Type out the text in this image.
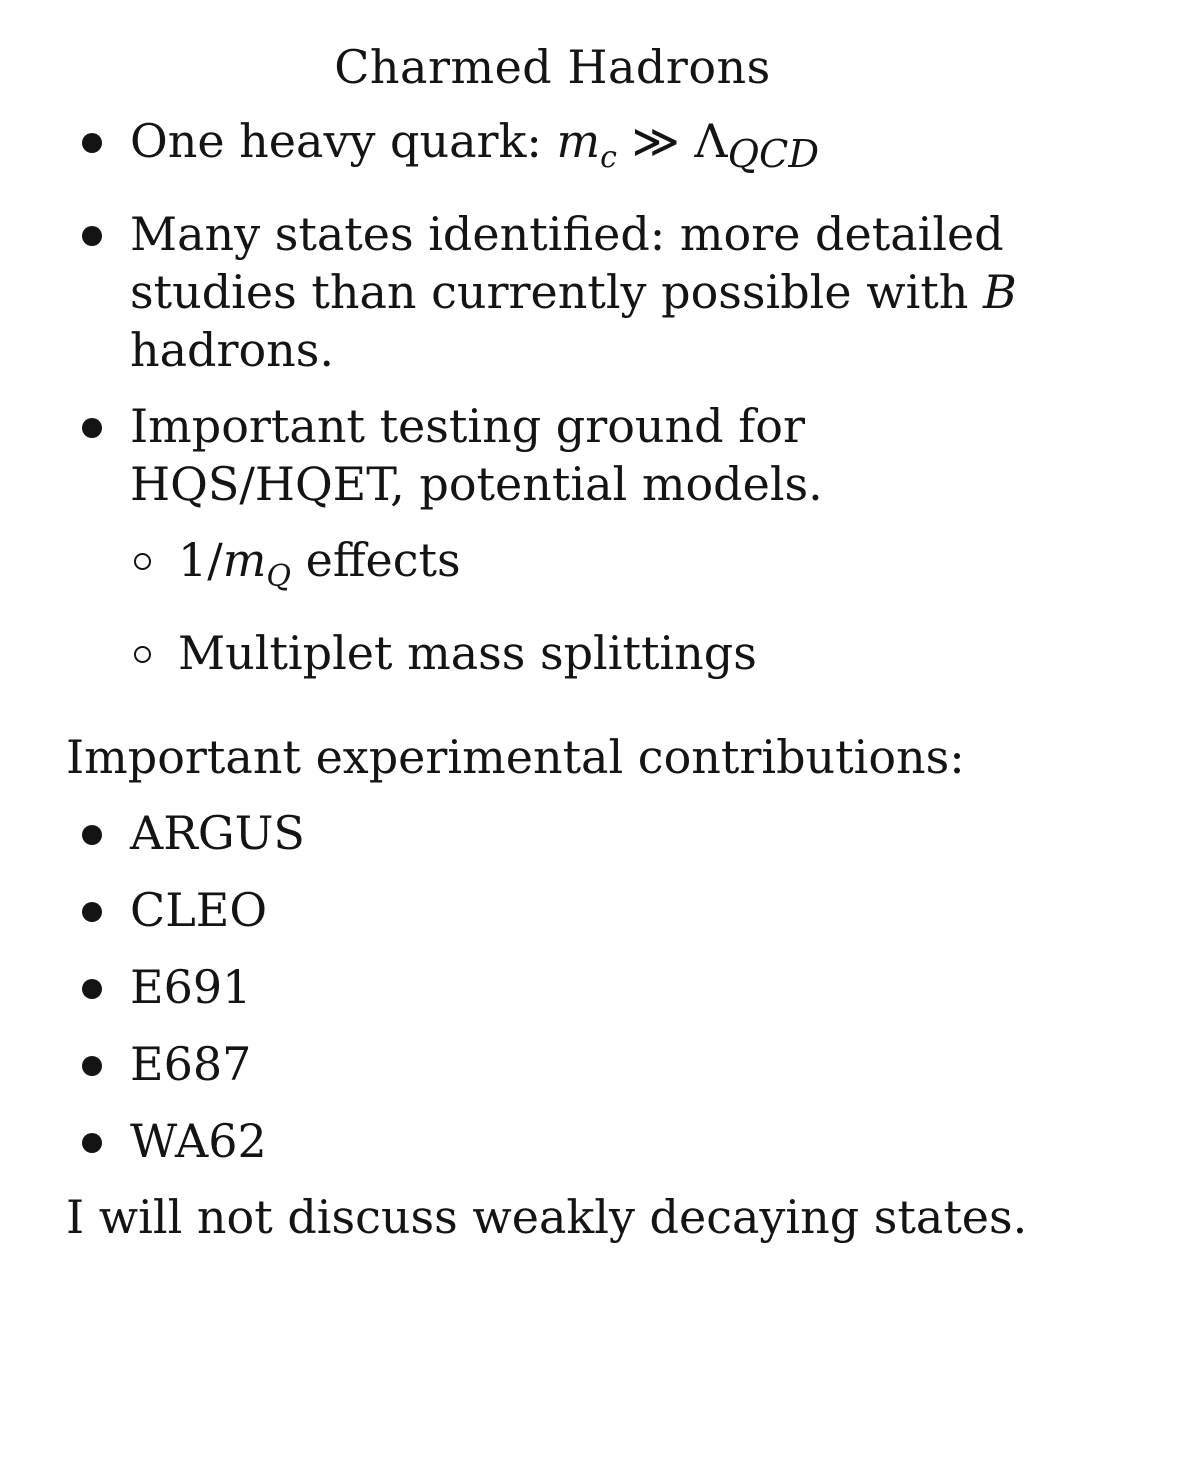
Charmed Hadrons
One heavy quark: $m_c$ ≫ $\Lambda_{QCD}$
Many states identified: more detailed studies than currently possible with B hadrons.
Important testing ground for HQS/HQET, potential models.
$1/m_Q$ effects
Multiplet mass splittings
Important experimental contributions:
ARGUS
CLEO
E691
E687
WA62
I will not discuss weakly decaying states.
